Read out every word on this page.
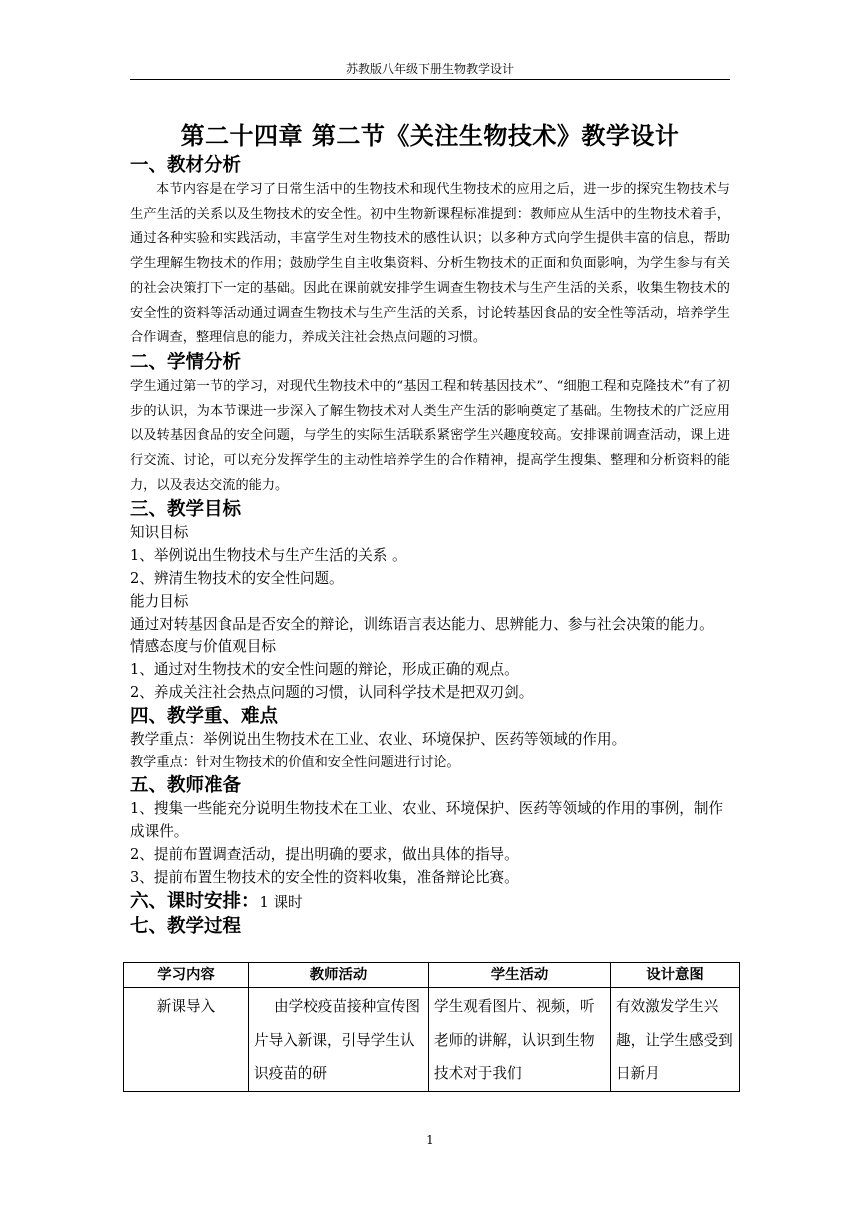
苏教版八年级下册生物教学设计
第二十四章 第二节《关注生物技术》教学设计
一、教材分析

本节内容是在学习了日常生活中的生物技术和现代生物技术的应用之后，进一步的探究生物技术与生产生活的关系以及生物技术的安全性。初中生物新课程标准提到：教师应从生活中的生物技术着手，通过各种实验和实践活动，丰富学生对生物技术的感性认识；以多种方式向学生提供丰富的信息，帮助学生理解生物技术的作用；鼓励学生自主收集资料、分析生物技术的正面和负面影响，为学生参与有关的社会决策打下一定的基础。因此在课前就安排学生调查生物技术与生产生活的关系，收集生物技术的安全性的资料等活动通过调查生物技术与生产生活的关系，讨论转基因食品的安全性等活动，培养学生合作调查，整理信息的能力，养成关注社会热点问题的习惯。

二、学情分析

学生通过第一节的学习，对现代生物技术中的“基因工程和转基因技术”、“细胞工程和克隆技术”有了初步的认识，为本节课进一步深入了解生物技术对人类生产生活的影响奠定了基础。生物技术的广泛应用以及转基因食品的安全问题，与学生的实际生活联系紧密学生兴趣度较高。安排课前调查活动，课上进行交流、讨论，可以充分发挥学生的主动性培养学生的合作精神，提高学生搜集、整理和分析资料的能力，以及表达交流的能力。

三、教学目标

知识目标

1、举例说出生物技术与生产生活的关系 。

2、辨清生物技术的安全性问题。

能力目标

通过对转基因食品是否安全的辩论，训练语言表达能力、思辨能力、参与社会决策的能力。

情感态度与价值观目标

1、通过对生物技术的安全性问题的辩论，形成正确的观点。

2、养成关注社会热点问题的习惯，认同科学技术是把双刃剑。

四、教学重、难点

教学重点：举例说出生物技术在工业、农业、环境保护、医药等领域的作用。

教学重点：针对生物技术的价值和安全性问题进行讨论。

五、教师准备

1、搜集一些能充分说明生物技术在工业、农业、环境保护、医药等领域的作用的事例，制作成课件。

2、提前布置调查活动，提出明确的要求，做出具体的指导。

3、提前布置生物技术的安全性的资料收集，准备辩论比赛。

六、课时安排：1 课时

七、教学过程
学习内容	教师活动	学生活动	设计意图
新课导入	由学校疫苗接种宣传图片导入新课，引导学生认识疫苗的研	学生观看图片、视频，听老师的讲解，认识到生物技术对于我们	有效激发学生兴趣，让学生感受到日新月
1
